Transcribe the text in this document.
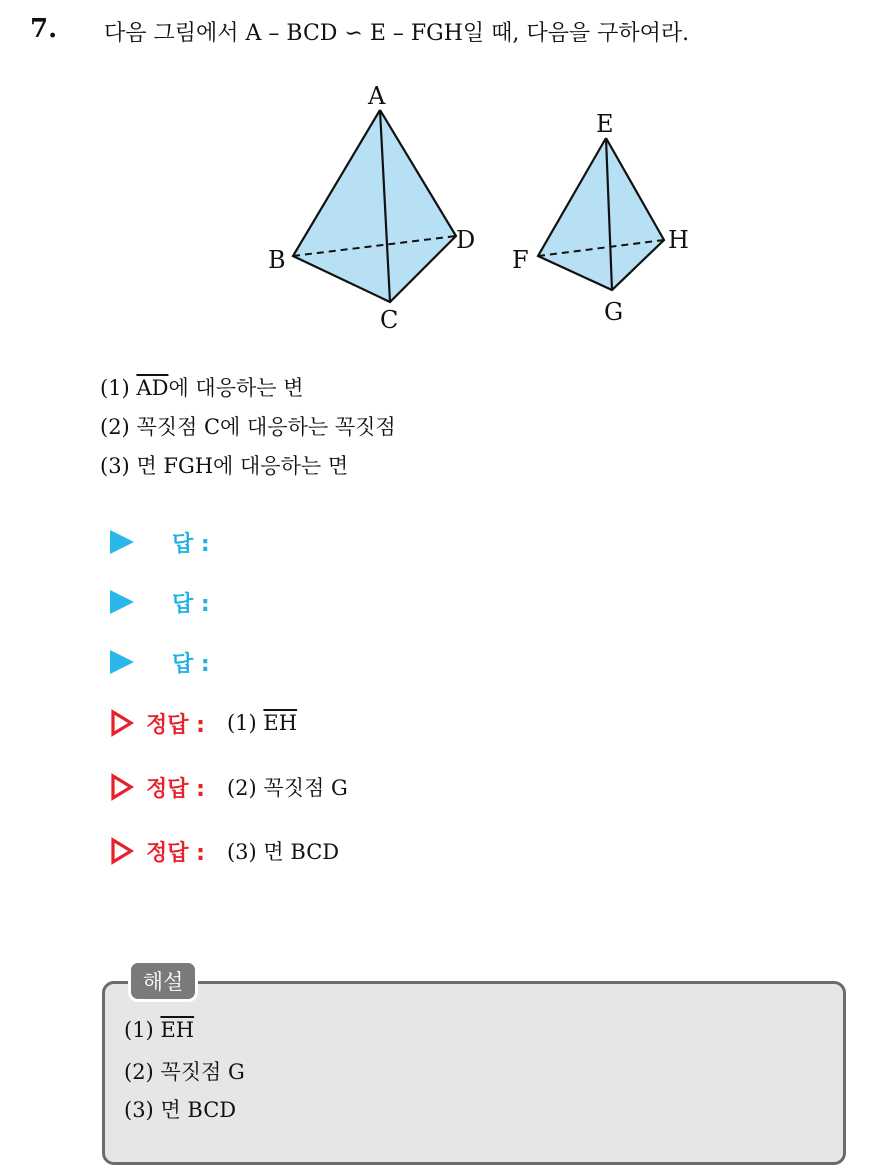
7. 다음 그림에서 A – BCD ∽ E – FGH일 때, 다음을 구하여라.
A
B
C
D
E
F
G
H
(1) $\overline{AD}$에 대응하는 변
(2) 꼭짓점 C에 대응하는 꼭짓점
(3) 면 FGH에 대응하는 면
답 :
답 :
답 :
정답 : (1) $\overline{EH}$
정답 : (2) 꼭짓점 G
정답 : (3) 면 BCD
해설
(1) $\overline{EH}$
(2) 꼭짓점 G
(3) 면 BCD
